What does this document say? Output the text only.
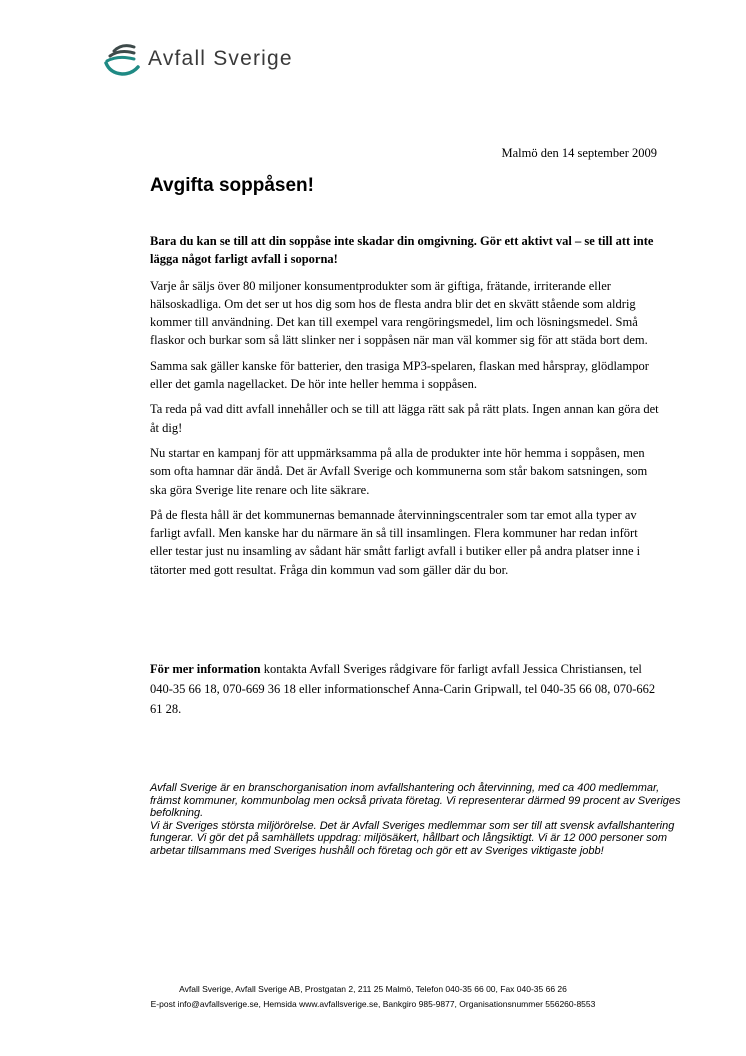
Avfall Sverige
Malmö den 14 september 2009
Avgifta soppåsen!

Bara du kan se till att din soppåse inte skadar din omgivning. Gör ett aktivt val – se till att inte lägga något farligt avfall i soporna!

Varje år säljs över 80 miljoner konsumentprodukter som är giftiga, frätande, irriterande eller hälsoskadliga. Om det ser ut hos dig som hos de flesta andra blir det en skvätt stående som aldrig kommer till användning. Det kan till exempel vara rengöringsmedel, lim och lösningsmedel. Små flaskor och burkar som så lätt slinker ner i soppåsen när man väl kommer sig för att städa bort dem.

Samma sak gäller kanske för batterier, den trasiga MP3-spelaren, flaskan med hårspray, glödlampor eller det gamla nagellacket. De hör inte heller hemma i soppåsen.

Ta reda på vad ditt avfall innehåller och se till att lägga rätt sak på rätt plats. Ingen annan kan göra det åt dig!

Nu startar en kampanj för att uppmärksamma på alla de produkter inte hör hemma i soppåsen, men som ofta hamnar där ändå. Det är Avfall Sverige och kommunerna som står bakom satsningen, som ska göra Sverige lite renare och lite säkrare.

På de flesta håll är det kommunernas bemannade återvinningscentraler som tar emot alla typer av farligt avfall. Men kanske har du närmare än så till insamlingen. Flera kommuner har redan infört eller testar just nu insamling av sådant här smått farligt avfall i butiker eller på andra platser inne i tätorter med gott resultat. Fråga din kommun vad som gäller där du bor.

För mer information kontakta Avfall Sveriges rådgivare för farligt avfall Jessica Christiansen, tel 040-35 66 18, 070-669 36 18 eller informationschef Anna-Carin Gripwall, tel 040-35 66 08, 070-662 61 28.

Avfall Sverige är en branschorganisation inom avfallshantering och återvinning, med ca 400 medlemmar, främst kommuner, kommunbolag men också privata företag. Vi representerar därmed 99 procent av Sveriges befolkning.

Vi är Sveriges största miljörörelse. Det är Avfall Sveriges medlemmar som ser till att svensk avfallshantering fungerar. Vi gör det på samhällets uppdrag: miljösäkert, hållbart och långsiktigt. Vi är 12 000 personer som arbetar tillsammans med Sveriges hushåll och företag och gör ett av Sveriges viktigaste jobb!

Avfall Sverige, Avfall Sverige AB, Prostgatan 2, 211 25 Malmö, Telefon 040-35 66 00, Fax 040-35 66 26
E-post info@avfallsverige.se, Hemsida www.avfallsverige.se, Bankgiro 985-9877, Organisationsnummer 556260-8553
